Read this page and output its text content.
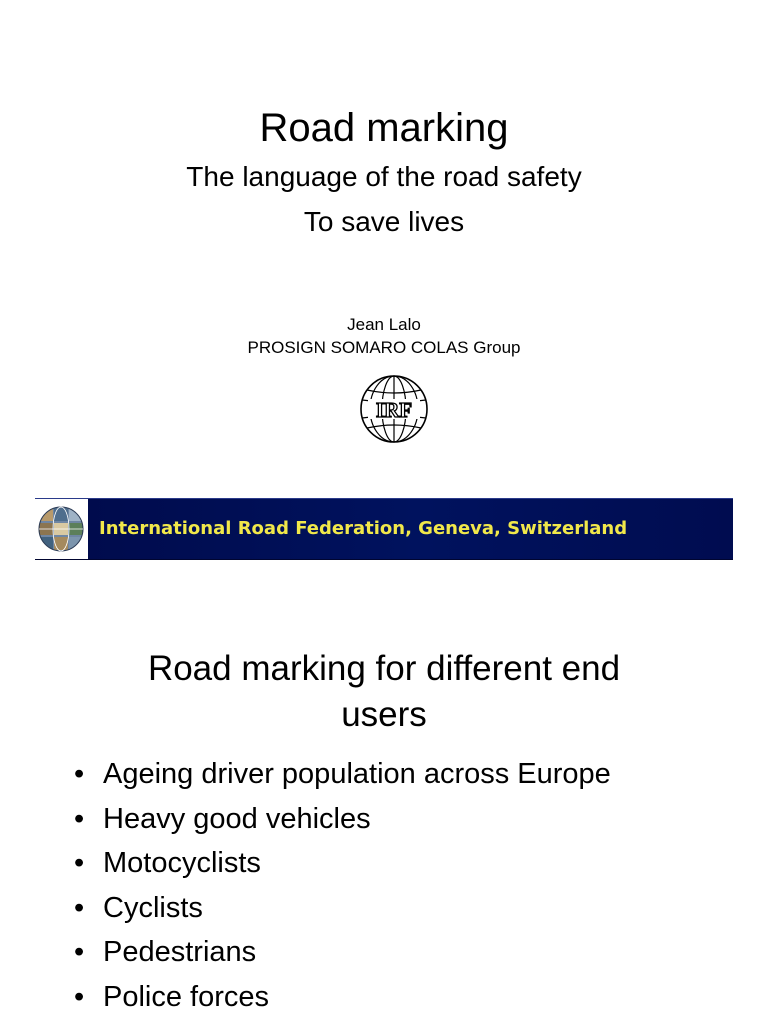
Road marking
The language of the road safety
To save lives
Jean Lalo
PROSIGN SOMARO COLAS Group
IRF
International Road Federation, Geneva, Switzerland
Road marking for different end
users
• Ageing driver population across Europe
• Heavy good vehicles
• Motocyclists
• Cyclists
• Pedestrians
• Police forces
